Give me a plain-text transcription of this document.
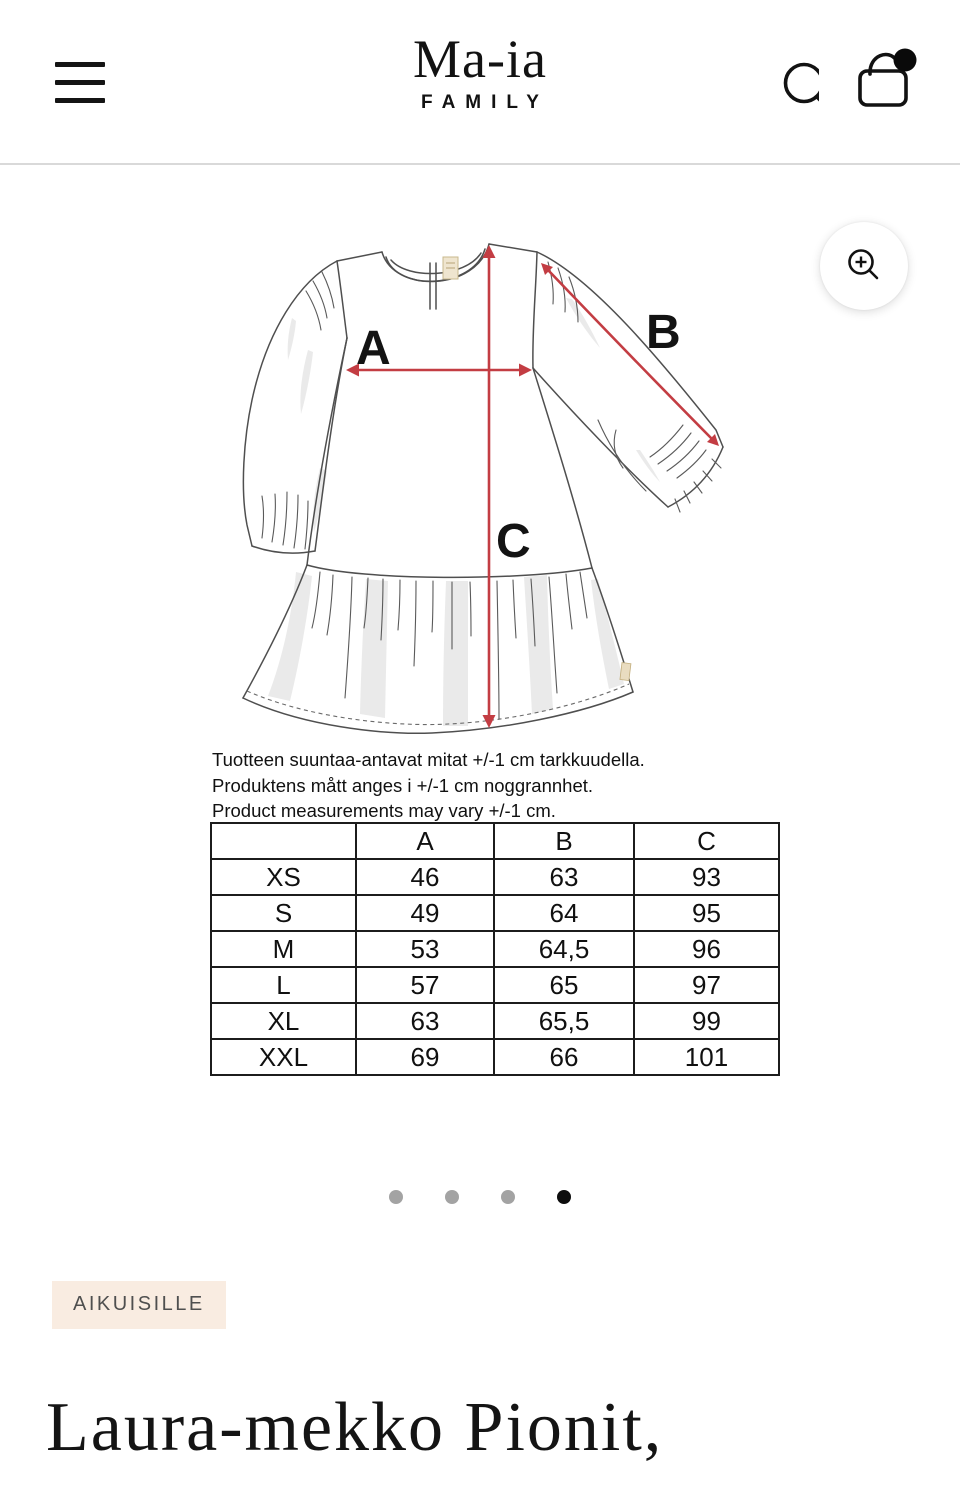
Ma-ia
FAMILY
A	B
C
Tuotteen suuntaa-antavat mitat +/-1 cm tarkkuudella.
Produktens mått anges i +/-1 cm noggrannhet.
Product measurements may vary +/-1 cm.
	A	B	C
XS	46	63	93
S	49	64	95
M	53	64,5	96
L	57	65	97
XL	63	65,5	99
XXL	69	66	101
AIKUISILLE
Laura-mekko Pionit,
